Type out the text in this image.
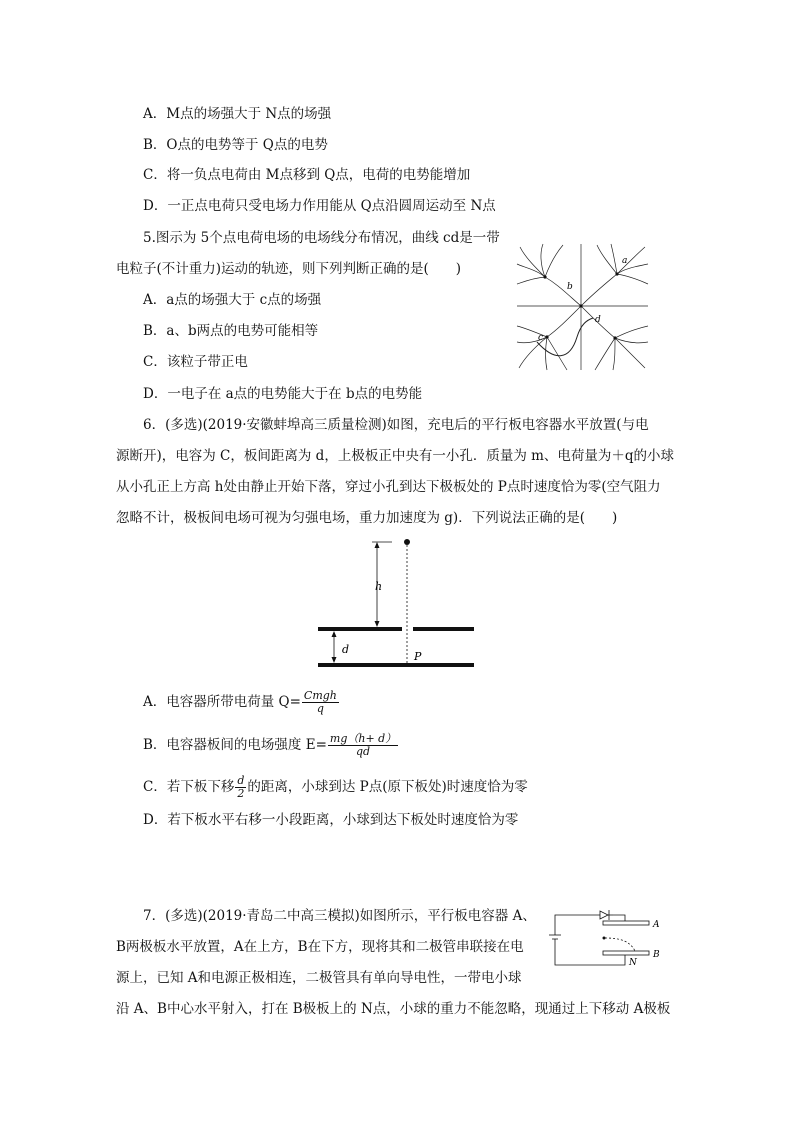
A．M点的场强大于 N点的场强
B．O点的电势等于 Q点的电势
C．将一负点电荷由 M点移到 Q点，电荷的电势能增加
D．一正点电荷只受电场力作用能从 Q点沿圆周运动至 N点
5.图示为 5个点电荷电场的电场线分布情况，曲线 cd是一带
电粒子(不计重力)运动的轨迹，则下列判断正确的是(　　)
A．a点的场强大于 c点的场强
B．a、b两点的电势可能相等
C．该粒子带正电
D．一电子在 a点的电势能大于在 b点的电势能
a
b
c
d
6．(多选)(2019·安徽蚌埠高三质量检测)如图，充电后的平行板电容器水平放置(与电
源断开)，电容为 C，板间距离为 d，上极板正中央有一小孔．质量为 m、电荷量为＋q的小球
从小孔正上方高 h处由静止开始下落，穿过小孔到达下极板处的 P点时速度恰为零(空气阻力
忽略不计，极板间电场可视为匀强电场，重力加速度为 g)．下列说法正确的是(　　)
h
d
P
A．电容器所带电荷量 $Q= \frac{\text{Cmgh}}{q}$
B．电容器板间的电场强度 $E= \frac{mg(h+ d)}{qd}$
C．若下板下移 $\frac{d}{2}$ 的距离，小球到达 P点(原下板处)时速度恰为零
D．若下板水平右移一小段距离，小球到达下板处时速度恰为零
7．(多选)(2019·青岛二中高三模拟)如图所示，平行板电容器 A、
B两极板水平放置，A在上方，B在下方，现将其和二极管串联接在电
源上，已知 A和电源正极相连，二极管具有单向导电性，一带电小球
沿 A、B中心水平射入，打在 B极板上的 N点，小球的重力不能忽略，现通过上下移动 A极板
A
B
N
